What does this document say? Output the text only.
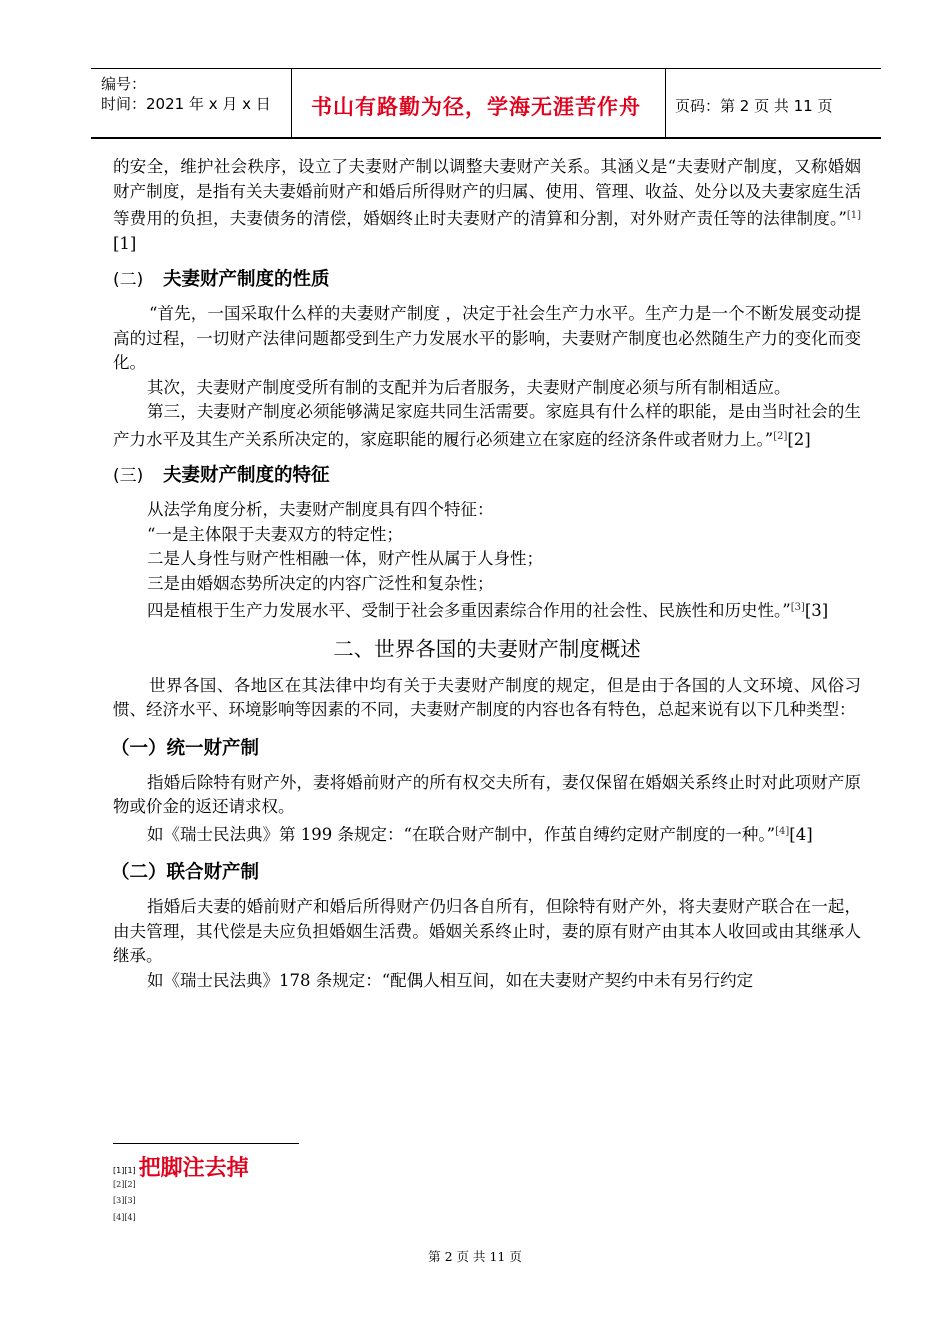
编号：
时间：2021 年 x 月 x 日 书山有路勤为径，学海无涯苦作舟 页码：第 2 页 共 11 页

的安全，维护社会秩序，设立了夫妻财产制以调整夫妻财产关系。其涵义是“夫妻财产制度，又称婚姻财产制度，是指有关夫妻婚前财产和婚后所得财产的归属、使用、管理、收益、处分以及夫妻家庭生活等费用的负担，夫妻债务的清偿，婚姻终止时夫妻财产的清算和分割，对外财产责任等的法律制度。”[1][1]

(二) 夫妻财产制度的性质

“首先，一国采取什么样的夫妻财产制度 ，决定于社会生产力水平。生产力是一个不断发展变动提高的过程，一切财产法律问题都受到生产力发展水平的影响，夫妻财产制度也必然随生产力的变化而变化。

其次，夫妻财产制度受所有制的支配并为后者服务，夫妻财产制度必须与所有制相适应。

第三，夫妻财产制度必须能够满足家庭共同生活需要。家庭具有什么样的职能，是由当时社会的生产力水平及其生产关系所决定的，家庭职能的履行必须建立在家庭的经济条件或者财力上。”[2][2]

(三) 夫妻财产制度的特征

从法学角度分析，夫妻财产制度具有四个特征：

“一是主体限于夫妻双方的特定性；

二是人身性与财产性相融一体，财产性从属于人身性；

三是由婚姻态势所决定的内容广泛性和复杂性；

四是植根于生产力发展水平、受制于社会多重因素综合作用的社会性、民族性和历史性。”[3][3]

二、世界各国的夫妻财产制度概述

世界各国、各地区在其法律中均有关于夫妻财产制度的规定，但是由于各国的人文环境、风俗习惯、经济水平、环境影响等因素的不同，夫妻财产制度的内容也各有特色，总起来说有以下几种类型：

（一）统一财产制

指婚后除特有财产外，妻将婚前财产的所有权交夫所有，妻仅保留在婚姻关系终止时对此项财产原物或价金的返还请求权。

如《瑞士民法典》第 199 条规定：“在联合财产制中，作茧自缚约定财产制度的一种。”[4][4]

（二）联合财产制

指婚后夫妻的婚前财产和婚后所得财产仍归各自所有，但除特有财产外，将夫妻财产联合在一起，由夫管理，其代偿是夫应负担婚姻生活费。婚姻关系终止时，妻的原有财产由其本人收回或由其继承人继承。

如《瑞士民法典》178 条规定：“配偶人相互间，如在夫妻财产契约中未有另行约定

[1][1] 把脚注去掉
[2][2]
[3][3]
[4][4]
第 2 页 共 11 页
